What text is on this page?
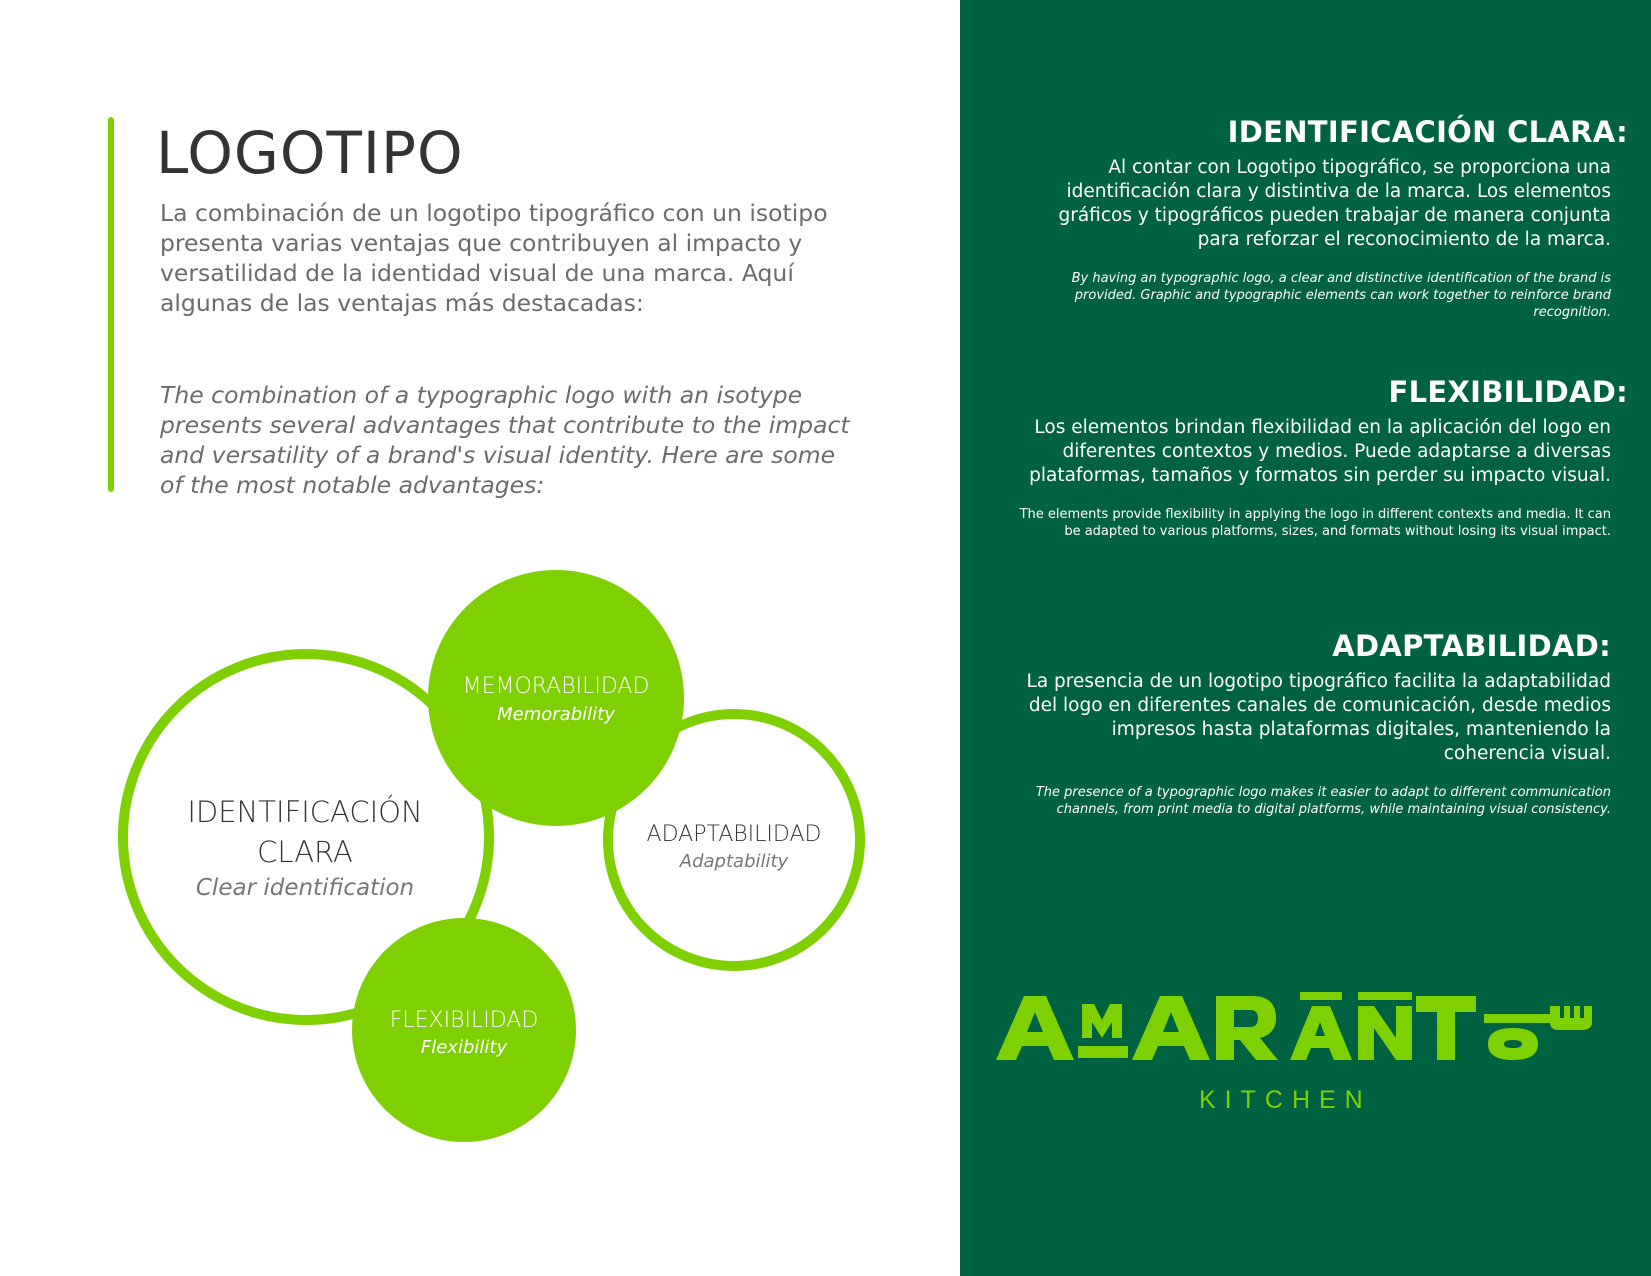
LOGOTIPO

La combinación de un logotipo tipográfico con un isotipo presenta varias ventajas que contribuyen al impacto y versatilidad de la identidad visual de una marca. Aquí algunas de las ventajas más destacadas:

The combination of a typographic logo with an isotype presents several advantages that contribute to the impact and versatility of a brand's visual identity. Here are some of the most notable advantages:

IDENTIFICACIÓN
CLARA
Clear identification
MEMORABILIDAD
Memorability
ADAPTABILIDAD
Adaptability
FLEXIBILIDAD
Flexibility
IDENTIFICACIÓN CLARA:

Al contar con Logotipo tipográfico, se proporciona una identificación clara y distintiva de la marca. Los elementos gráficos y tipográficos pueden trabajar de manera conjunta para reforzar el reconocimiento de la marca.

By having an typographic logo, a clear and distinctive identification of the brand is provided. Graphic and typographic elements can work together to reinforce brand recognition.

FLEXIBILIDAD:

Los elementos brindan flexibilidad en la aplicación del logo en diferentes contextos y medios. Puede adaptarse a diversas plataformas, tamaños y formatos sin perder su impacto visual.

The elements provide flexibility in applying the logo in different contexts and media. It can be adapted to various platforms, sizes, and formats without losing its visual impact.

ADAPTABILIDAD:

La presencia de un logotipo tipográfico facilita la adaptabilidad del logo en diferentes canales de comunicación, desde medios impresos hasta plataformas digitales, manteniendo la coherencia visual.

The presence of a typographic logo makes it easier to adapt to different communication channels, from print media to digital platforms, while maintaining visual consistency.

KITCHEN
